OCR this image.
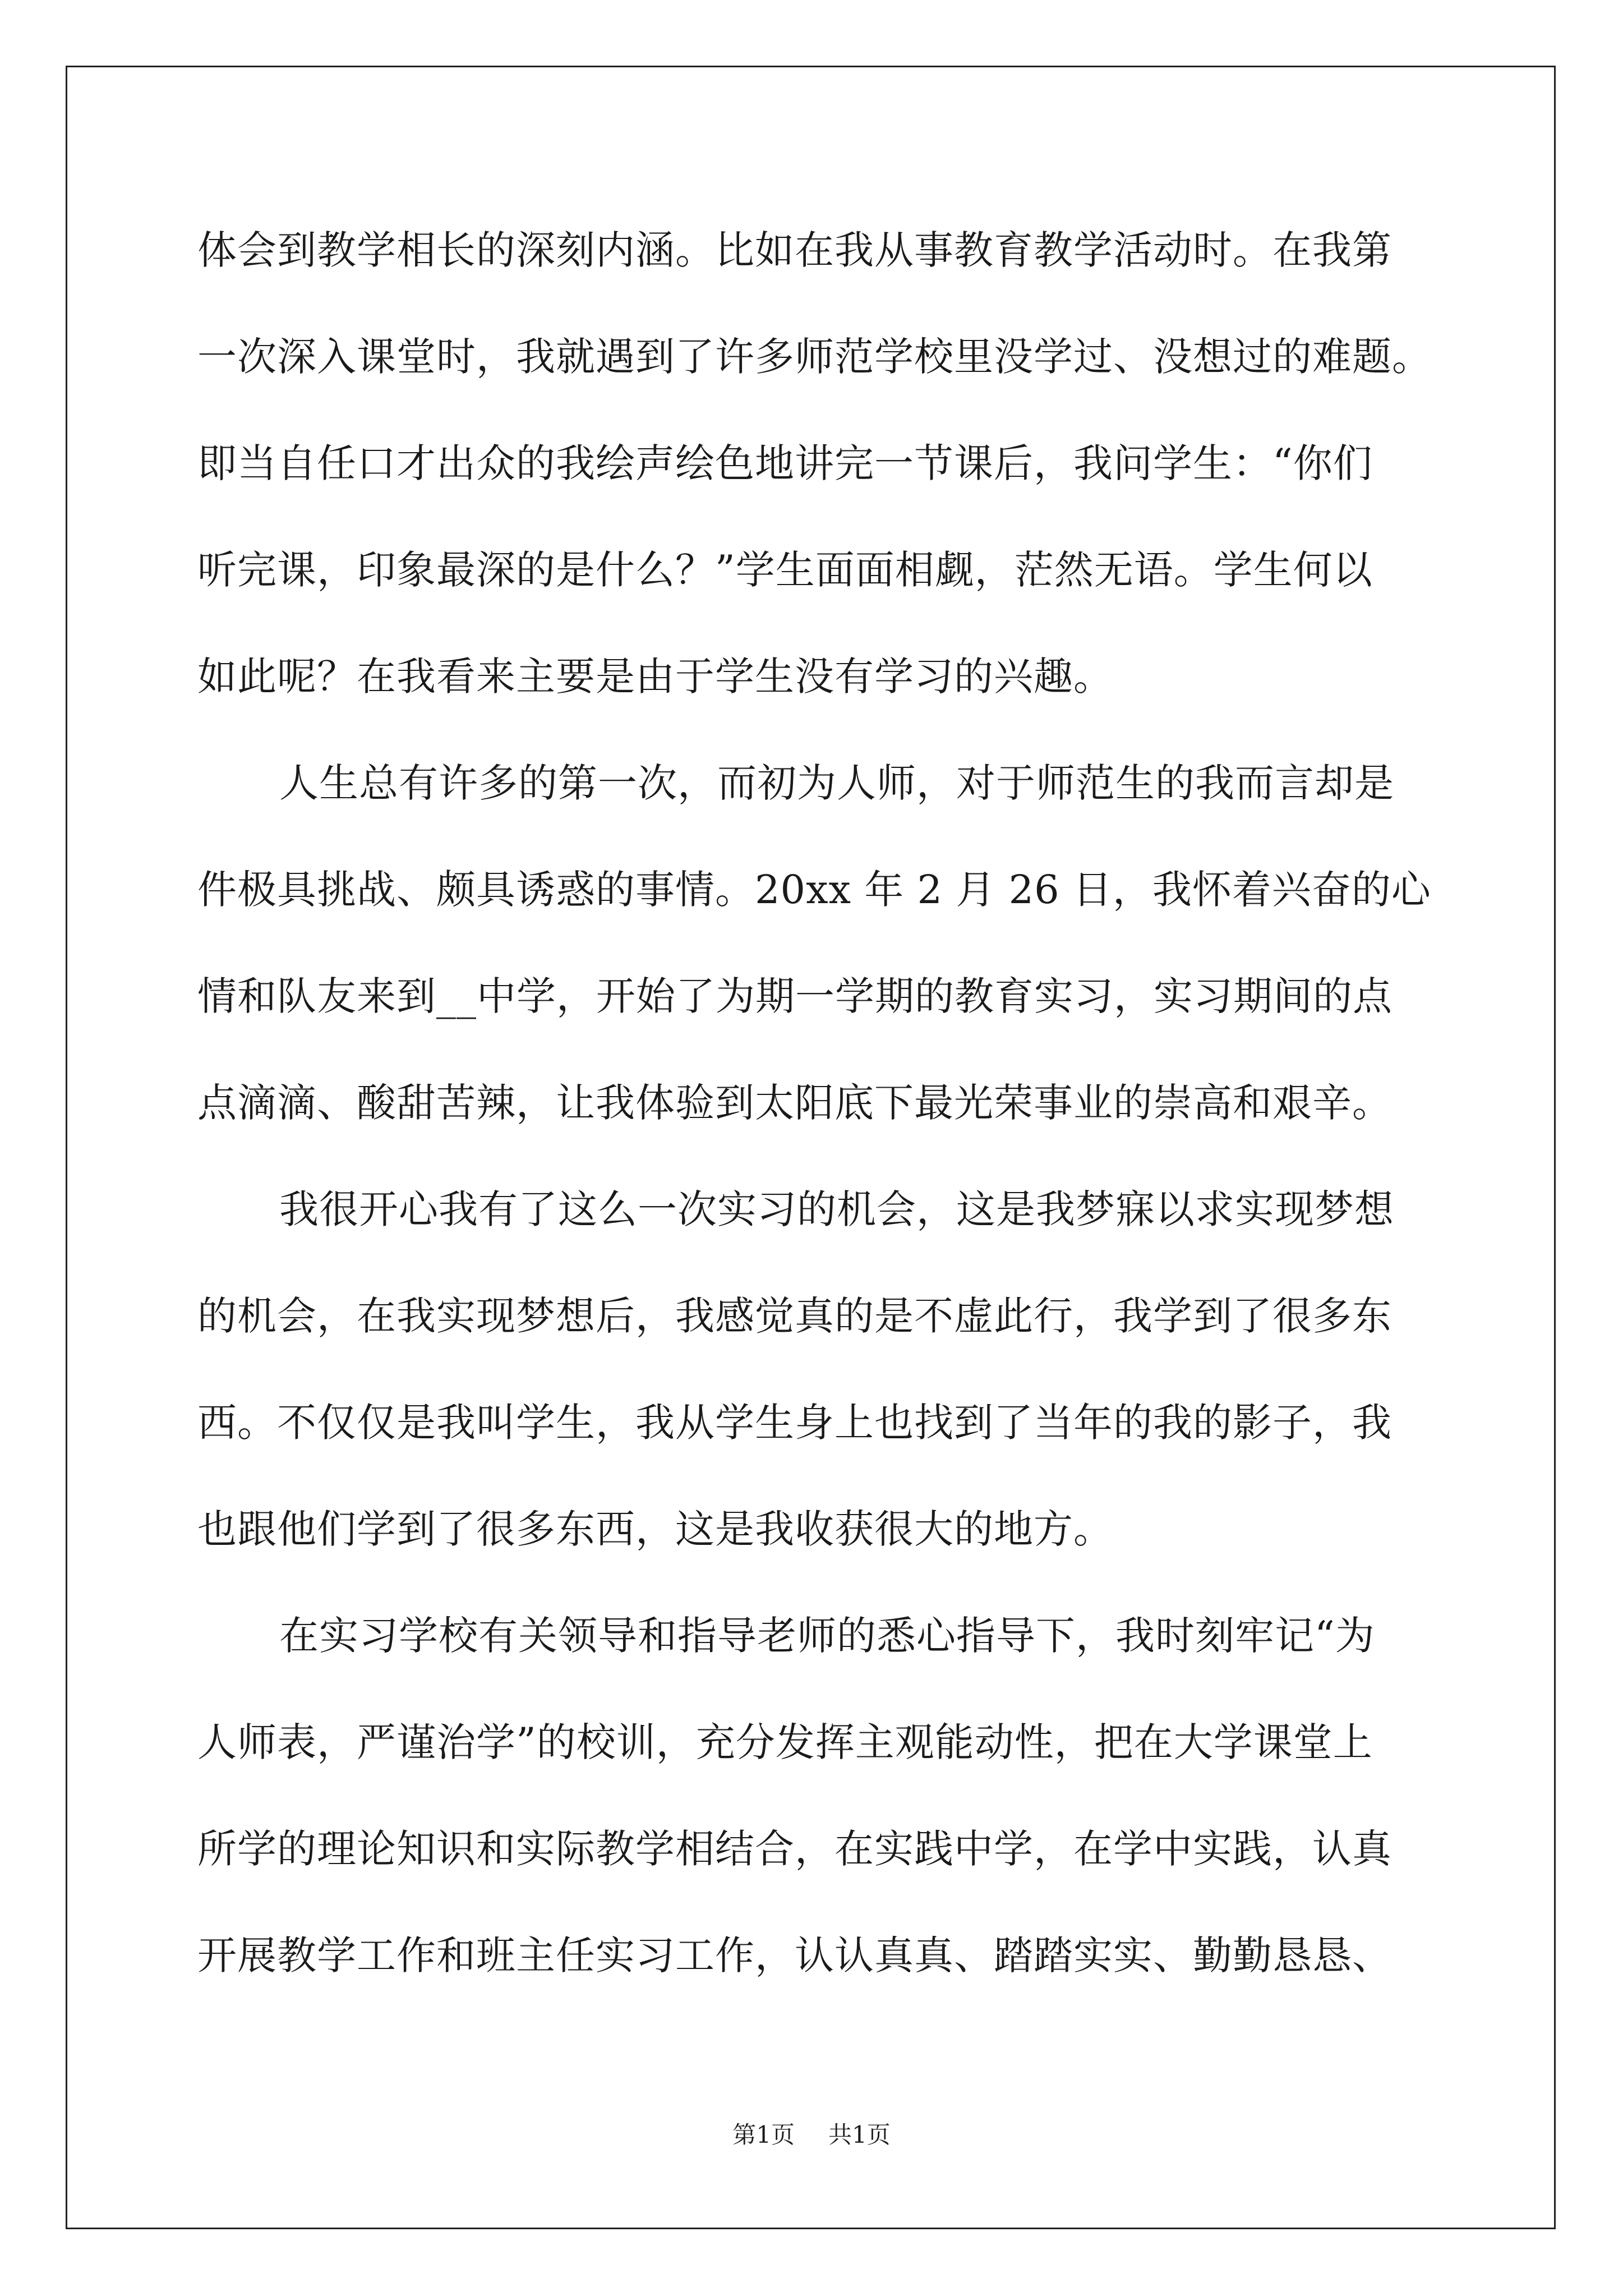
体会到教学相长的深刻内涵。比如在我从事教育教学活动时。在我第
一次深入课堂时，我就遇到了许多师范学校里没学过、没想过的难题。
即当自任口才出众的我绘声绘色地讲完一节课后，我问学生：“你们
听完课，印象最深的是什么？”学生面面相觑，茫然无语。学生何以
如此呢？在我看来主要是由于学生没有学习的兴趣。
人生总有许多的第一次，而初为人师，对于师范生的我而言却是
件极具挑战、颇具诱惑的事情。20xx 年 2 月 26 日，我怀着兴奋的心
情和队友来到__中学，开始了为期一学期的教育实习，实习期间的点
点滴滴、酸甜苦辣，让我体验到太阳底下最光荣事业的崇高和艰辛。
我很开心我有了这么一次实习的机会，这是我梦寐以求实现梦想
的机会，在我实现梦想后，我感觉真的是不虚此行，我学到了很多东
西。不仅仅是我叫学生，我从学生身上也找到了当年的我的影子，我
也跟他们学到了很多东西，这是我收获很大的地方。
在实习学校有关领导和指导老师的悉心指导下，我时刻牢记“为
人师表，严谨治学”的校训，充分发挥主观能动性，把在大学课堂上
所学的理论知识和实际教学相结合，在实践中学，在学中实践，认真
开展教学工作和班主任实习工作，认认真真、踏踏实实、勤勤恳恳、
第1页 共1页
